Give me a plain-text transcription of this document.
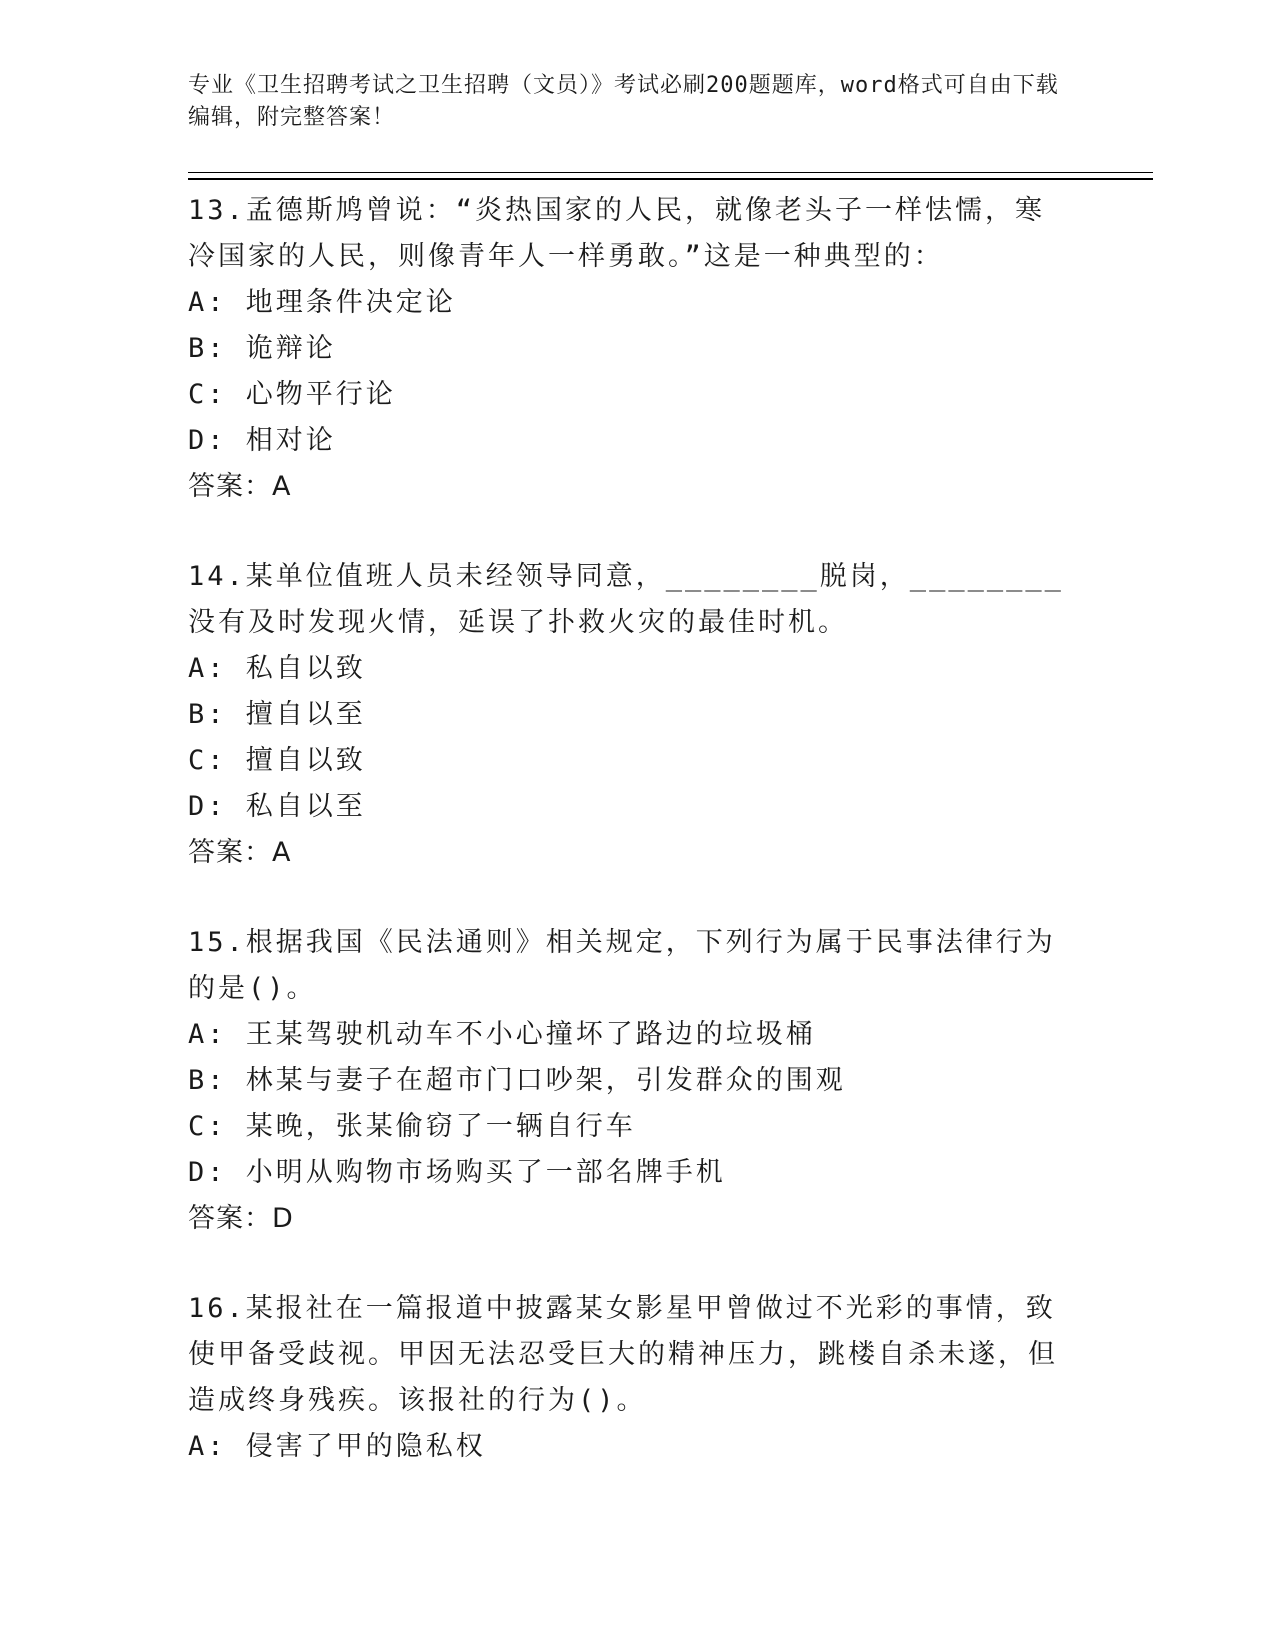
专业《卫生招聘考试之卫生招聘（文员）》考试必刷200题题库，word格式可自由下载编辑，附完整答案！
13.孟德斯鸠曾说：“炎热国家的人民，就像老头子一样怯懦，寒冷国家的人民，则像青年人一样勇敢。”这是一种典型的：
A: 地理条件决定论
B: 诡辩论
C: 心物平行论
D: 相对论
答案：A
14.某单位值班人员未经领导同意，________脱岗，________没有及时发现火情，延误了扑救火灾的最佳时机。
A: 私自以致
B: 擅自以至
C: 擅自以致
D: 私自以至
答案：A
15.根据我国《民法通则》相关规定，下列行为属于民事法律行为的是()。
A: 王某驾驶机动车不小心撞坏了路边的垃圾桶
B: 林某与妻子在超市门口吵架，引发群众的围观
C: 某晚，张某偷窃了一辆自行车
D: 小明从购物市场购买了一部名牌手机
答案：D
16.某报社在一篇报道中披露某女影星甲曾做过不光彩的事情，致使甲备受歧视。甲因无法忍受巨大的精神压力，跳楼自杀未遂，但造成终身残疾。该报社的行为()。
A: 侵害了甲的隐私权
